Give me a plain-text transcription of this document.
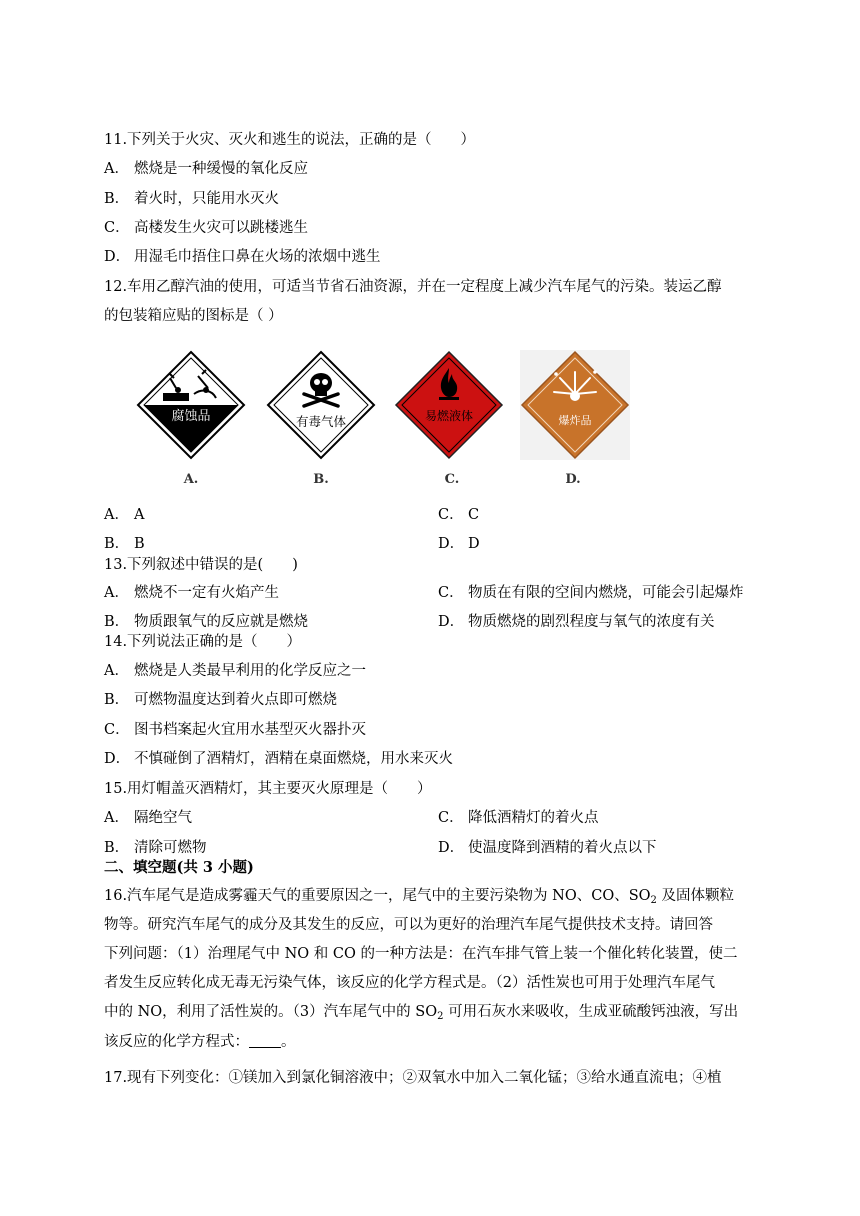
11.下列关于火灾、灭火和逃生的说法，正确的是（　　）
A． 燃烧是一种缓慢的氧化反应
B． 着火时，只能用水灭火
C． 高楼发生火灾可以跳楼逃生
D． 用湿毛巾捂住口鼻在火场的浓烟中逃生
12.车用乙醇汽油的使用，可适当节省石油资源，并在一定程度上减少汽车尾气的污染。装运乙醇
的包装箱应贴的图标是（ ）
腐蚀品	有毒气体	易燃液体	爆炸品
A.	B.	C.	D.
A． A	C． C
B． B	D． D
13.下列叙述中错误的是(　　)
A． 燃烧不一定有火焰产生	C． 物质在有限的空间内燃烧，可能会引起爆炸
B． 物质跟氧气的反应就是燃烧	D． 物质燃烧的剧烈程度与氧气的浓度有关
14.下列说法正确的是（　　）
A． 燃烧是人类最早利用的化学反应之一
B． 可燃物温度达到着火点即可燃烧
C． 图书档案起火宜用水基型灭火器扑灭
D． 不慎碰倒了酒精灯，酒精在桌面燃烧，用水来灭火
15.用灯帽盖灭酒精灯，其主要灭火原理是（　　）
A． 隔绝空气	C． 降低酒精灯的着火点
B． 清除可燃物	D． 使温度降到酒精的着火点以下
二、填空题(共 3 小题)
16.汽车尾气是造成雾霾天气的重要原因之一，尾气中的主要污染物为 NO、CO、$SO_2$ 及固体颗粒
物等。研究汽车尾气的成分及其发生的反应，可以为更好的治理汽车尾气提供技术支持。请回答
下列问题：（1）治理尾气中 NO 和 CO 的一种方法是：在汽车排气管上装一个催化转化装置，使二
者发生反应转化成无毒无污染气体，该反应的化学方程式是。（2）活性炭也可用于处理汽车尾气
中的 NO，利用了活性炭的。（3）汽车尾气中的 $SO_2$ 可用石灰水来吸收，生成亚硫酸钙浊液，写出
该反应的化学方程式： 。
17.现有下列变化：①镁加入到氯化铜溶液中；②双氧水中加入二氧化锰；③给水通直流电；④植
